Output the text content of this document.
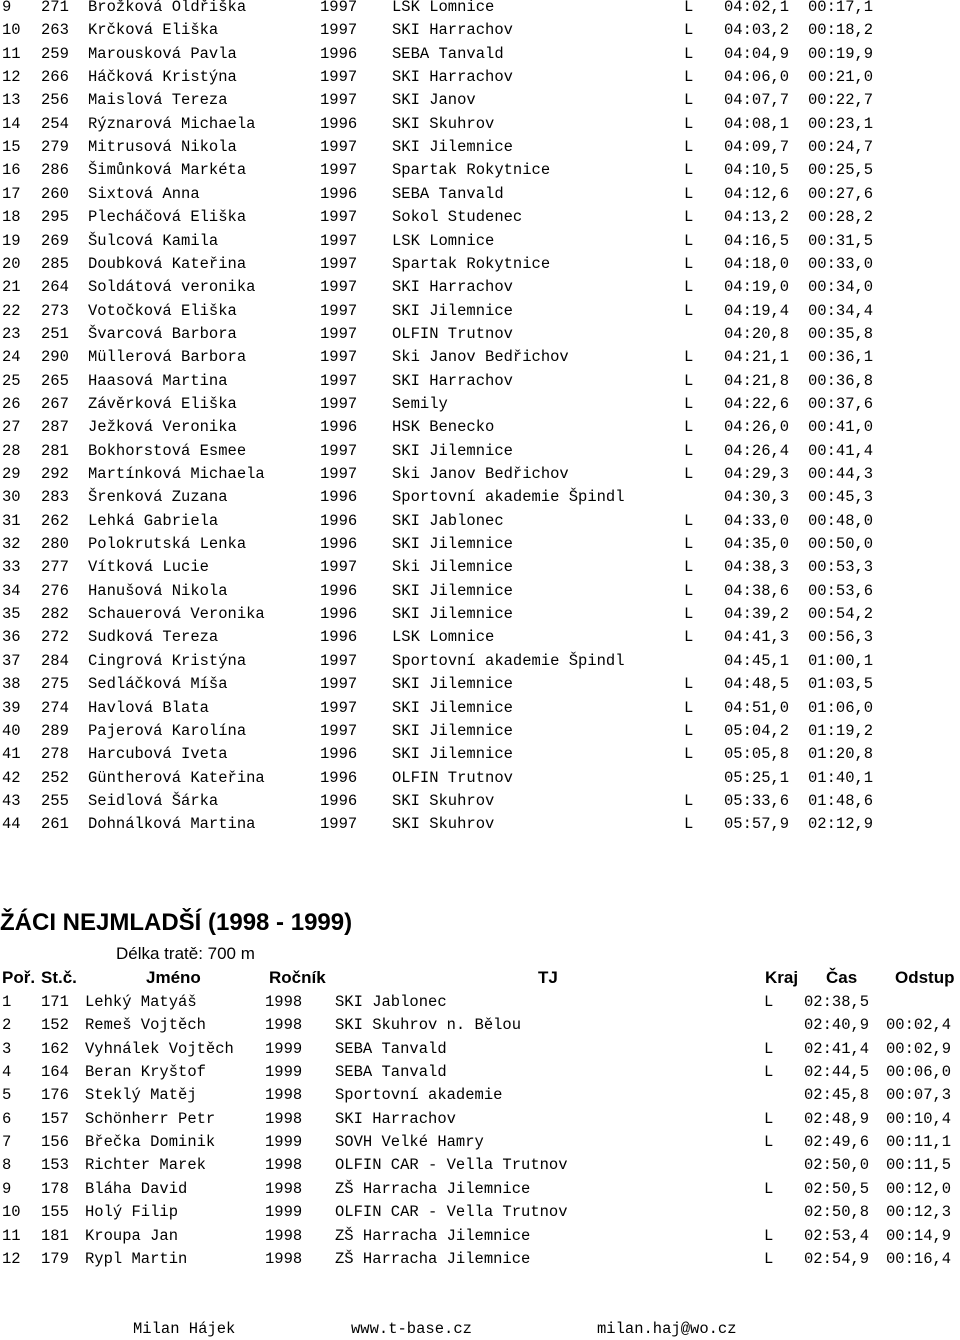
9 271 Brožková Oldřiška	1997 LSK Lomnice	L 04:02,1 00:17,1
10 263 Krčková Eliška	1997 SKI Harrachov	L 04:03,2 00:18,2
11 259 Marousková Pavla	1996 SEBA Tanvald	L 04:04,9 00:19,9
12 266 Háčková Kristýna	1997 SKI Harrachov	L 04:06,0 00:21,0
13 256 Maislová Tereza	1997 SKI Janov	L 04:07,7 00:22,7
14 254 Rýznarová Michaela	1996 SKI Skuhrov	L 04:08,1 00:23,1
15 279 Mitrusová Nikola	1997 SKI Jilemnice	L 04:09,7 00:24,7
16 286 Šimůnková Markéta	1997 Spartak Rokytnice	L 04:10,5 00:25,5
17 260 Sixtová Anna	1996 SEBA Tanvald	L 04:12,6 00:27,6
18 295 Plecháčová Eliška	1997 Sokol Studenec	L 04:13,2 00:28,2
19 269 Šulcová Kamila	1997 LSK Lomnice	L 04:16,5 00:31,5
20 285 Doubková Kateřina	1997 Spartak Rokytnice	L 04:18,0 00:33,0
21 264 Soldátová veronika	1997 SKI Harrachov	L 04:19,0 00:34,0
22 273 Votočková Eliška	1997 SKI Jilemnice	L 04:19,4 00:34,4
23 251 Švarcová Barbora	1997 OLFIN Trutnov	04:20,8 00:35,8
24 290 Müllerová Barbora	1997 Ski Janov Bedřichov	L 04:21,1 00:36,1
25 265 Haasová Martina	1997 SKI Harrachov	L 04:21,8 00:36,8
26 267 Závěrková Eliška	1997 Semily	L 04:22,6 00:37,6
27 287 Ježková Veronika	1996 HSK Benecko	L 04:26,0 00:41,0
28 281 Bokhorstová Esmee	1997 SKI Jilemnice	L 04:26,4 00:41,4
29 292 Martínková Michaela	1997 Ski Janov Bedřichov	L 04:29,3 00:44,3
30 283 Šrenková Zuzana	1996 Sportovní akademie Špindl	04:30,3 00:45,3
31 262 Lehká Gabriela	1996 SKI Jablonec	L 04:33,0 00:48,0
32 280 Polokrutská Lenka	1996 SKI Jilemnice	L 04:35,0 00:50,0
33 277 Vítková Lucie	1997 Ski Jilemnice	L 04:38,3 00:53,3
34 276 Hanušová Nikola	1996 SKI Jilemnice	L 04:38,6 00:53,6
35 282 Schauerová Veronika	1996 SKI Jilemnice	L 04:39,2 00:54,2
36 272 Sudková Tereza	1996 LSK Lomnice	L 04:41,3 00:56,3
37 284 Cingrová Kristýna	1997 Sportovní akademie Špindl	04:45,1 01:00,1
38 275 Sedláčková Míša	1997 SKI Jilemnice	L 04:48,5 01:03,5
39 274 Havlová Blata	1997 SKI Jilemnice	L 04:51,0 01:06,0
40 289 Pajerová Karolína	1997 SKI Jilemnice	L 05:04,2 01:19,2
41 278 Harcubová Iveta	1996 SKI Jilemnice	L 05:05,8 01:20,8
42 252 Güntherová Kateřina	1996 OLFIN Trutnov	05:25,1 01:40,1
43 255 Seidlová Šárka	1996 SKI Skuhrov	L 05:33,6 01:48,6
44 261 Dohnálková Martina	1997 SKI Skuhrov	L 05:57,9 02:12,9
ŽÁCI NEJMLADŠÍ (1998 - 1999)
Délka tratě: 700 m
Poř. St.č.	Jméno	Ročník	TJ	Kraj Čas Odstup
1 171 Lehký Matyáš	1998 SKI Jablonec	L 02:38,5
2 152 Remeš Vojtěch	1998 SKI Skuhrov n. Bělou	02:40,9 00:02,4
3 162 Vyhnálek Vojtěch 1999 SEBA Tanvald	L 02:41,4 00:02,9
4 164 Beran Kryštof	1999 SEBA Tanvald	L 02:44,5 00:06,0
5 176 Steklý Matěj	1998 Sportovní akademie	02:45,8 00:07,3
6 157 Schönherr Petr	1998 SKI Harrachov	L 02:48,9 00:10,4
7 156 Břečka Dominik	1999 SOVH Velké Hamry	L 02:49,6 00:11,1
8 153 Richter Marek	1998 OLFIN CAR - Vella Trutnov	02:50,0 00:11,5
9 178 Bláha David	1998 ZŠ Harracha Jilemnice	L 02:50,5 00:12,0
10 155 Holý Filip	1999 OLFIN CAR - Vella Trutnov	02:50,8 00:12,3
11 181 Kroupa Jan	1998 ZŠ Harracha Jilemnice	L 02:53,4 00:14,9
12 179 Rypl Martin	1998 ZŠ Harracha Jilemnice	L 02:54,9 00:16,4
Milan Hájek	www.t-base.cz	milan.haj@wo.cz
